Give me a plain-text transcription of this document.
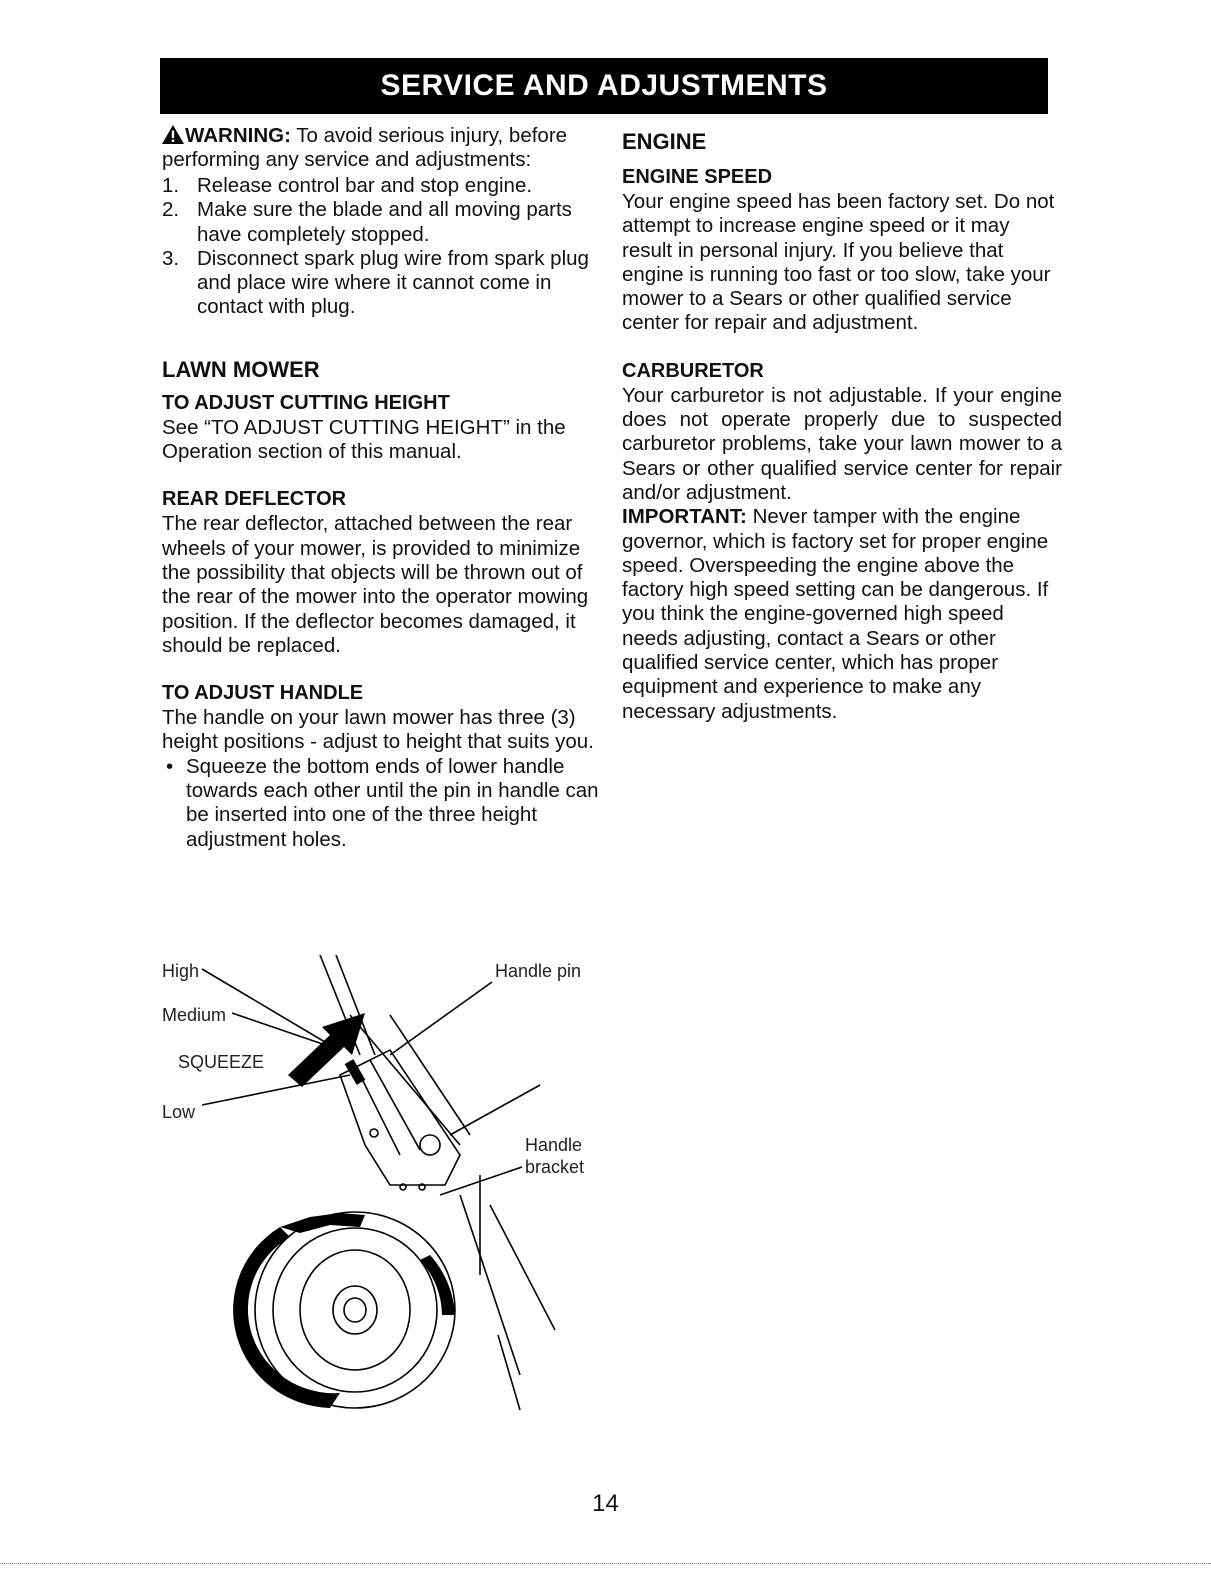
SERVICE AND ADJUSTMENTS

WARNING: To avoid serious injury, before performing any service and adjustments:

1. Release control bar and stop engine.
2. Make sure the blade and all moving parts have completely stopped.
3. Disconnect spark plug wire from spark plug and place wire where it cannot come in contact with plug.
LAWN MOWER
TO ADJUST CUTTING HEIGHT

See “TO ADJUST CUTTING HEIGHT” in the Operation section of this manual.

REAR DEFLECTOR

The rear deflector, attached between the rear wheels of your mower, is provided to minimize the possibility that objects will be thrown out of the rear of the mower into the operator mowing position. If the deflector becomes damaged, it should be replaced.

TO ADJUST HANDLE

The handle on your lawn mower has three (3) height positions - adjust to height that suits you.

• Squeeze the bottom ends of lower handle towards each other until the pin in handle can be inserted into one of the three height adjustment holes.
High
Medium
SQUEEZE
Low
Handle pin
Handle
bracket
ENGINE
ENGINE SPEED

Your engine speed has been factory set. Do not attempt to increase engine speed or it may result in personal injury. If you believe that engine is running too fast or too slow, take your mower to a Sears or other qualified service center for repair and adjustment.

CARBURETOR

Your carburetor is not adjustable. If your engine does not operate properly due to suspected carburetor problems, take your lawn mower to a Sears or other qualified service center for repair and/or adjustment.

IMPORTANT: Never tamper with the engine governor, which is factory set for proper engine speed. Overspeeding the engine above the factory high speed setting can be dangerous. If you think the engine-governed high speed needs adjusting, contact a Sears or other qualified service center, which has proper equipment and experience to make any necessary adjustments.

14
